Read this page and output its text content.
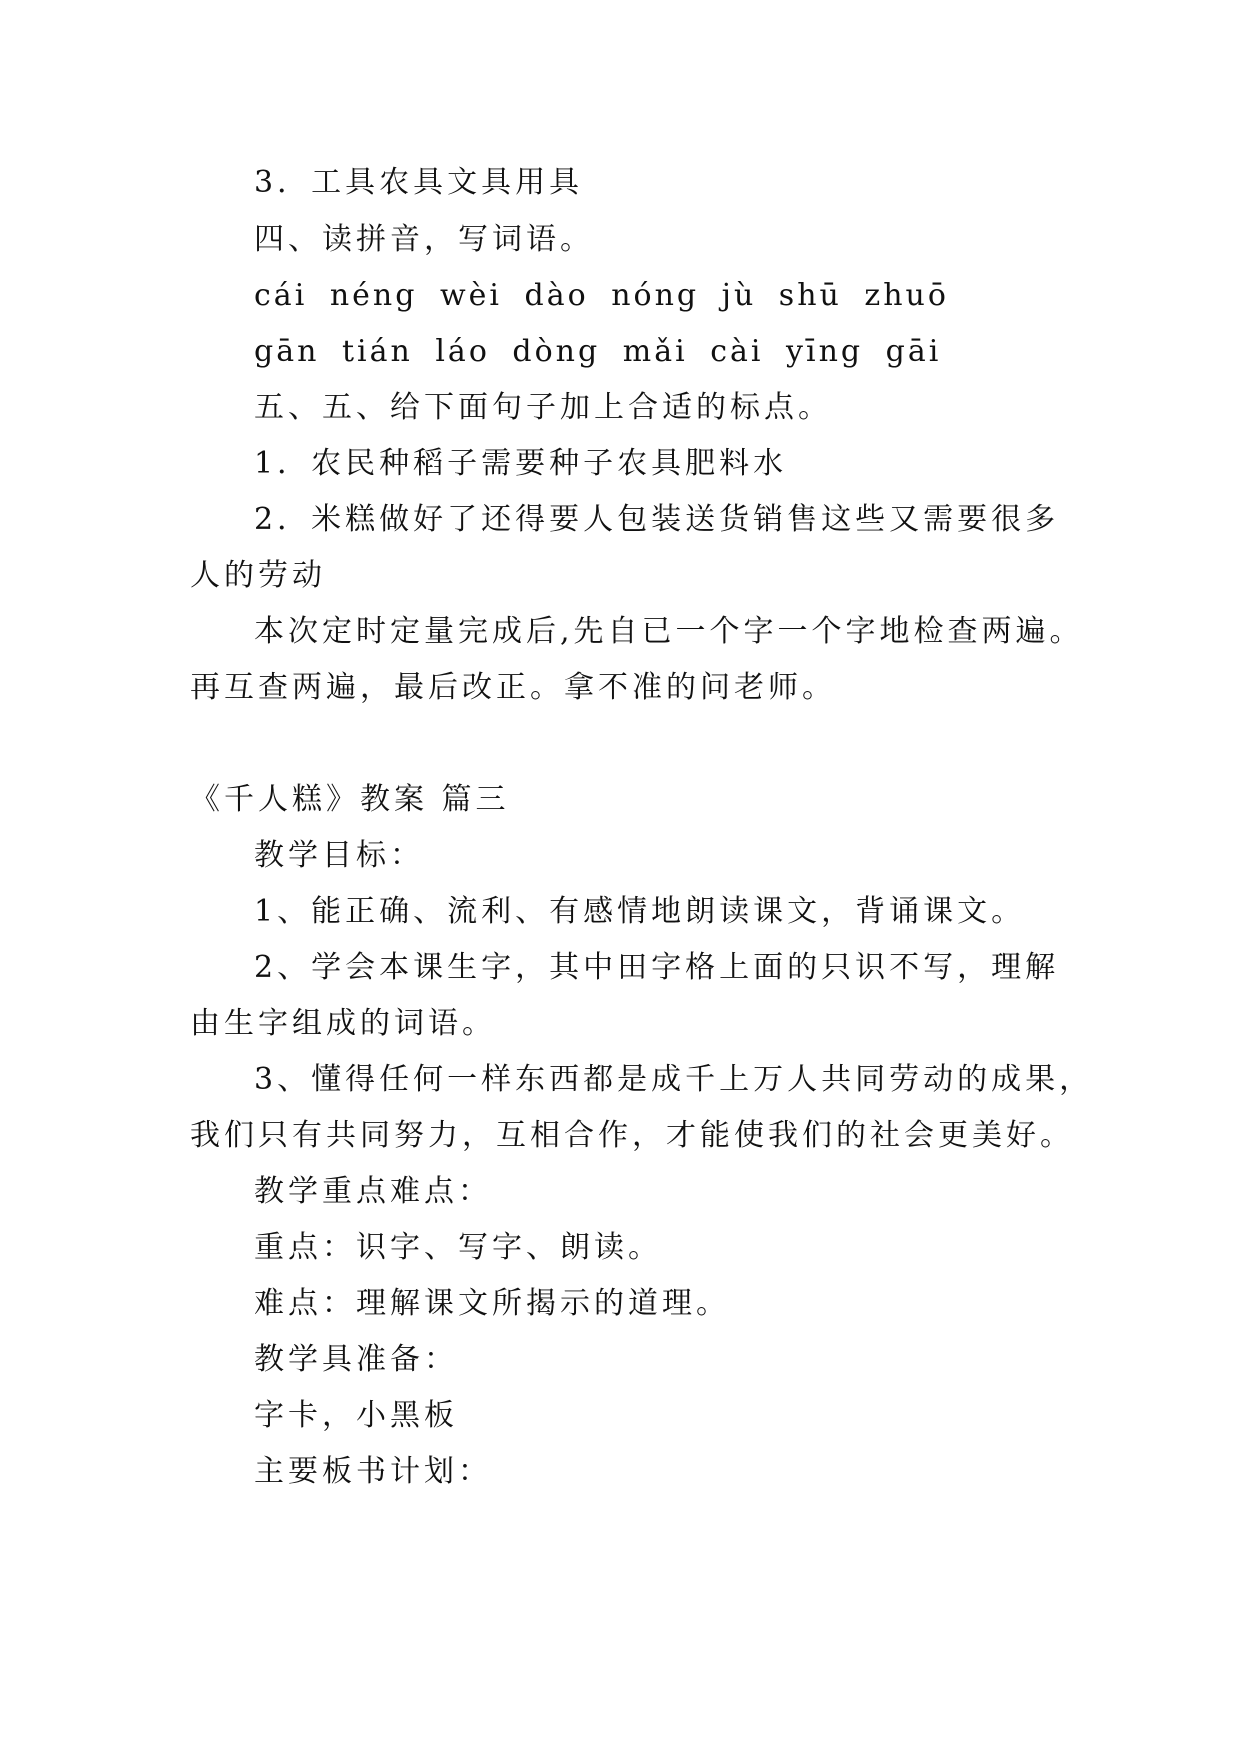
3．工具农具文具用具
四、读拼音，写词语。
cái néng wèi dào nóng jù shū zhuō
gān tián láo dòng mǎi cài yīng gāi
五、五、给下面句子加上合适的标点。
1．农民种稻子需要种子农具肥料水
2．米糕做好了还得要人包装送货销售这些又需要很多
人的劳动
本次定时定量完成后,先自已一个字一个字地检查两遍。
再互查两遍，最后改正。拿不准的问老师。
《千人糕》教案 篇三
教学目标：
1、能正确、流利、有感情地朗读课文，背诵课文。
2、学会本课生字，其中田字格上面的只识不写，理解
由生字组成的词语。
3、懂得任何一样东西都是成千上万人共同劳动的成果，
我们只有共同努力，互相合作，才能使我们的社会更美好。
教学重点难点：
重点：识字、写字、朗读。
难点：理解课文所揭示的道理。
教学具准备：
字卡，小黑板
主要板书计划：
